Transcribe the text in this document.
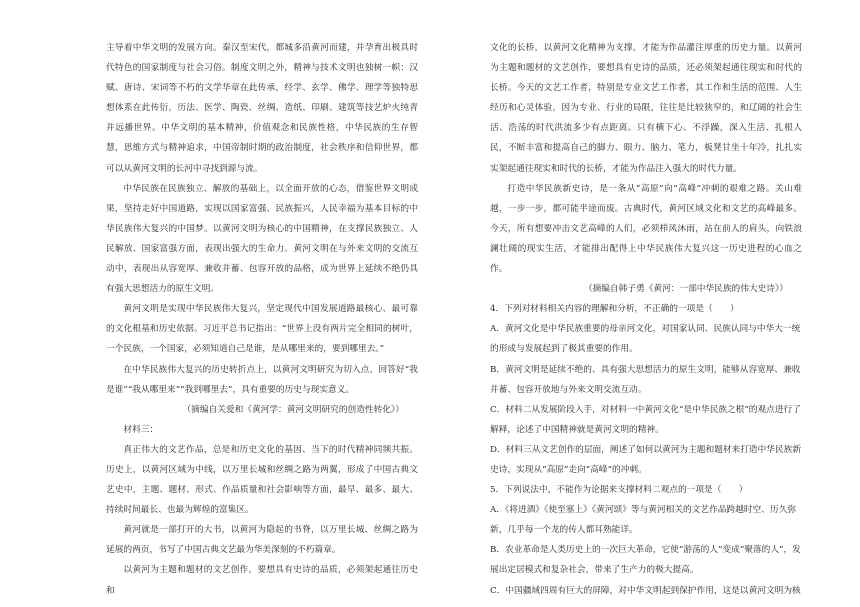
主导着中华文明的发展方向。秦汉至宋代，都城多沿黄河而建，并孕育出极具时代特色的国家制度与社会习俗。制度文明之外，精神与技术文明也独树一帜：汉赋、唐诗、宋词等不朽的文学华章在此传承，经学、玄学、佛学、理学等独特思想体系在此传衍，历法、医学、陶瓷、丝绸、造纸、印刷、建筑等技艺炉火纯青并远播世界。中华文明的基本精神，价值观念和民族性格，中华民族的生存智慧，思维方式与精神追求，中国帝制时期的政治制度，社会秩序和信仰世界，都可以从黄河文明的长河中寻找到源与流。

中华民族在民族独立、解放的基础上，以全面开放的心态，借鉴世界文明成果，坚持走好中国道路，实现以国家富强、民族振兴，人民幸福为基本目标的中华民族伟大复兴的中国梦。以黄河文明为核心的中国精神，在支撑民族独立、人民解放、国家富强方面，表现出强大的生命力。黄河文明在与外来文明的交流互动中，表现出从容宽厚、兼收并蓄、包容开放的品格，成为世界上延续不绝仍具有强大思想活力的原生文明。

黄河文明是实现中华民族伟大复兴，坚定现代中国发展道路最核心、最可靠的文化根基和历史依据。习近平总书记指出：“世界上没有两片完全相同的树叶，一个民族，一个国家，必须知道自己是谁，是从哪里来的，要到哪里去。”

在中华民族伟大复兴的历史转折点上，以黄河文明研究为切入点，回答好“我是谁”“我从哪里来”“我到哪里去”，具有重要的历史与现实意义。

（摘编自关爱和《黄河学：黄河文明研究的创造性转化》）

材料三：

真正伟大的文艺作品，总是和历史文化的基因、当下的时代精神同频共振。历史上，以黄河区域为中线，以万里长城和丝绸之路为两翼，形成了中国古典文艺史中，主题、题材、形式、作品质量和社会影响等方面，最早、最多、最大、持续时间最长、也最为辉煌的富集区。

黄河就是一部打开的大书，以黄河为隐起的书脊，以万里长城、丝绸之路为延展的两页，书写了中国古典文艺最为华美深刻的不朽篇章。

以黄河为主题和题材的文艺创作，要想具有史诗的品质，必须架起通往历史和

文化的长桥，以黄河文化精神为支撑，才能为作品灌注厚重的历史力量。以黄河为主题和题材的文艺创作，要想具有史诗的品质，还必须架起通往现实和时代的长桥。今天的文艺工作者，特别是专业文艺工作者，其工作和生活的范围、人生经历和心灵体验，因为专业、行业的局限，往往是比较狭窄的，和辽阔的社会生活、浩荡的时代洪流多少有点距离。只有横下心、不浮躁，深入生活、扎根人民，不断丰富和提高自己的脚力、眼力、脑力、笔力，板凳甘坐十年冷，扎扎实实架起通往现实和时代的长桥，才能为作品注入强大的时代力量。

打造中华民族新史诗，是一条从“高原”向“高峰”冲刺的艰难之路。关山难越，一步一步，都可能半途而废。古典时代，黄河区域文化和文艺的高峰最多。今天，所有想要冲击文艺高峰的人们，必须栉风沐雨，站在前人的肩头，向铁浪澜壮阔的现实生活，才能排出配得上中华民族伟大复兴这一历史进程的心血之作。

（摘编自韩子勇《黄河：一部中华民族的伟大史诗》）

4．下列对材料相关内容的理解和分析，不正确的一项是（　　）

A．黄河文化是中华民族重要的母亲河文化，对国家认同、民族认同与中华大一统的形成与发展起到了极其重要的作用。

B．黄河文明是延续不绝的、具有强大思想活力的原生文明，能够从容宽厚、兼收并蓄、包容开放地与外来文明交流互动。

C．材料二从发展阶段入手，对材料一中黄河文化“是中华民族之根”的观点进行了解释，论述了中国精神就是黄河文明的精神。

D．材料三从文艺创作的层面，阐述了如何以黄河为主题和题材来打造中华民族新史诗，实现从“高原”走向“高峰”的冲刺。

5．下列说法中，不能作为论据来支撑材料二观点的一项是（　　）

A．《将进酒》《使至塞上》《黄河颂》等与黄河相关的文艺作品跨越时空、历久弥新，几乎每一个龙的传人都耳熟能详。

B．农业革命是人类历史上的一次巨大革命，它使“游荡的人”变成“聚落的人”，发展出定居模式和复杂社会，带来了生产力的极大提高。

C．中国疆域四周有巨大的屏障，对中华文明起到保护作用，这是以黄河文明为核
